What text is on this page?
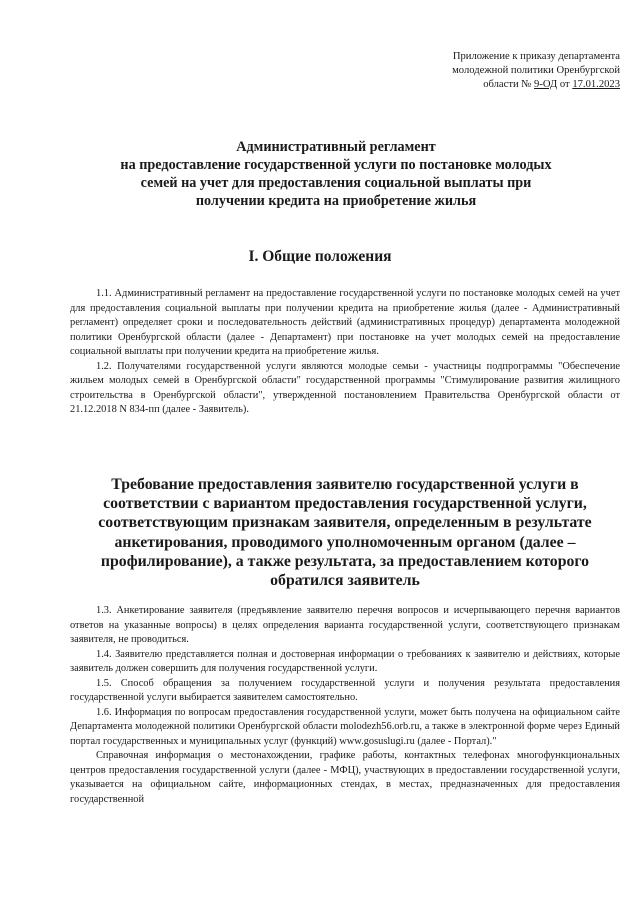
Приложение к приказу департамента
молодежной политики Оренбургской
области № 9-ОД от 17.01.2023
Административный регламент
на предоставление государственной услуги по постановке молодых
семей на учет для предоставления социальной выплаты при
получении кредита на приобретение жилья
I. Общие положения
1.1. Административный регламент на предоставление государственной услуги по постановке молодых семей на учет для предоставления социальной выплаты при получении кредита на приобретение жилья (далее - Административный регламент) определяет сроки и последовательность действий (административных процедур) департамента молодежной политики Оренбургской области (далее - Департамент) при постановке на учет молодых семей на предоставление социальной выплаты при получении кредита на приобретение жилья.
1.2. Получателями государственной услуги являются молодые семьи - участницы подпрограммы "Обеспечение жильем молодых семей в Оренбургской области" государственной программы "Стимулирование развития жилищного строительства в Оренбургской области", утвержденной постановлением Правительства Оренбургской области от 21.12.2018 N 834-пп (далее - Заявитель).
Требование предоставления заявителю государственной услуги в
соответствии с вариантом предоставления государственной услуги,
соответствующим признакам заявителя, определенным в результате
анкетирования, проводимого уполномоченным органом (далее –
профилирование), а также результата, за предоставлением которого
обратился заявитель
1.3. Анкетирование заявителя (предъявление заявителю перечня вопросов и исчерпывающего перечня вариантов ответов на указанные вопросы) в целях определения варианта государственной услуги, соответствующего признакам заявителя, не проводиться.
1.4. Заявителю представляется полная и достоверная информации о требованиях к заявителю и действиях, которые заявитель должен совершить для получения государственной услуги.
1.5. Способ обращения за получением государственной услуги и получения результата предоставления государственной услуги выбирается заявителем самостоятельно.
1.6. Информация по вопросам предоставления государственной услуги, может быть получена на официальном сайте Департамента молодежной политики Оренбургской области molodezh56.orb.ru, а также в электронной форме через Единый портал государственных и муниципальных услуг (функций) www.gosuslugi.ru (далее - Портал)."
Справочная информация о местонахождении, графике работы, контактных телефонах многофункциональных центров предоставления государственной услуги (далее - МФЦ), участвующих в предоставлении государственной услуги, указывается на официальном сайте, информационных стендах, в местах, предназначенных для предоставления государственной
